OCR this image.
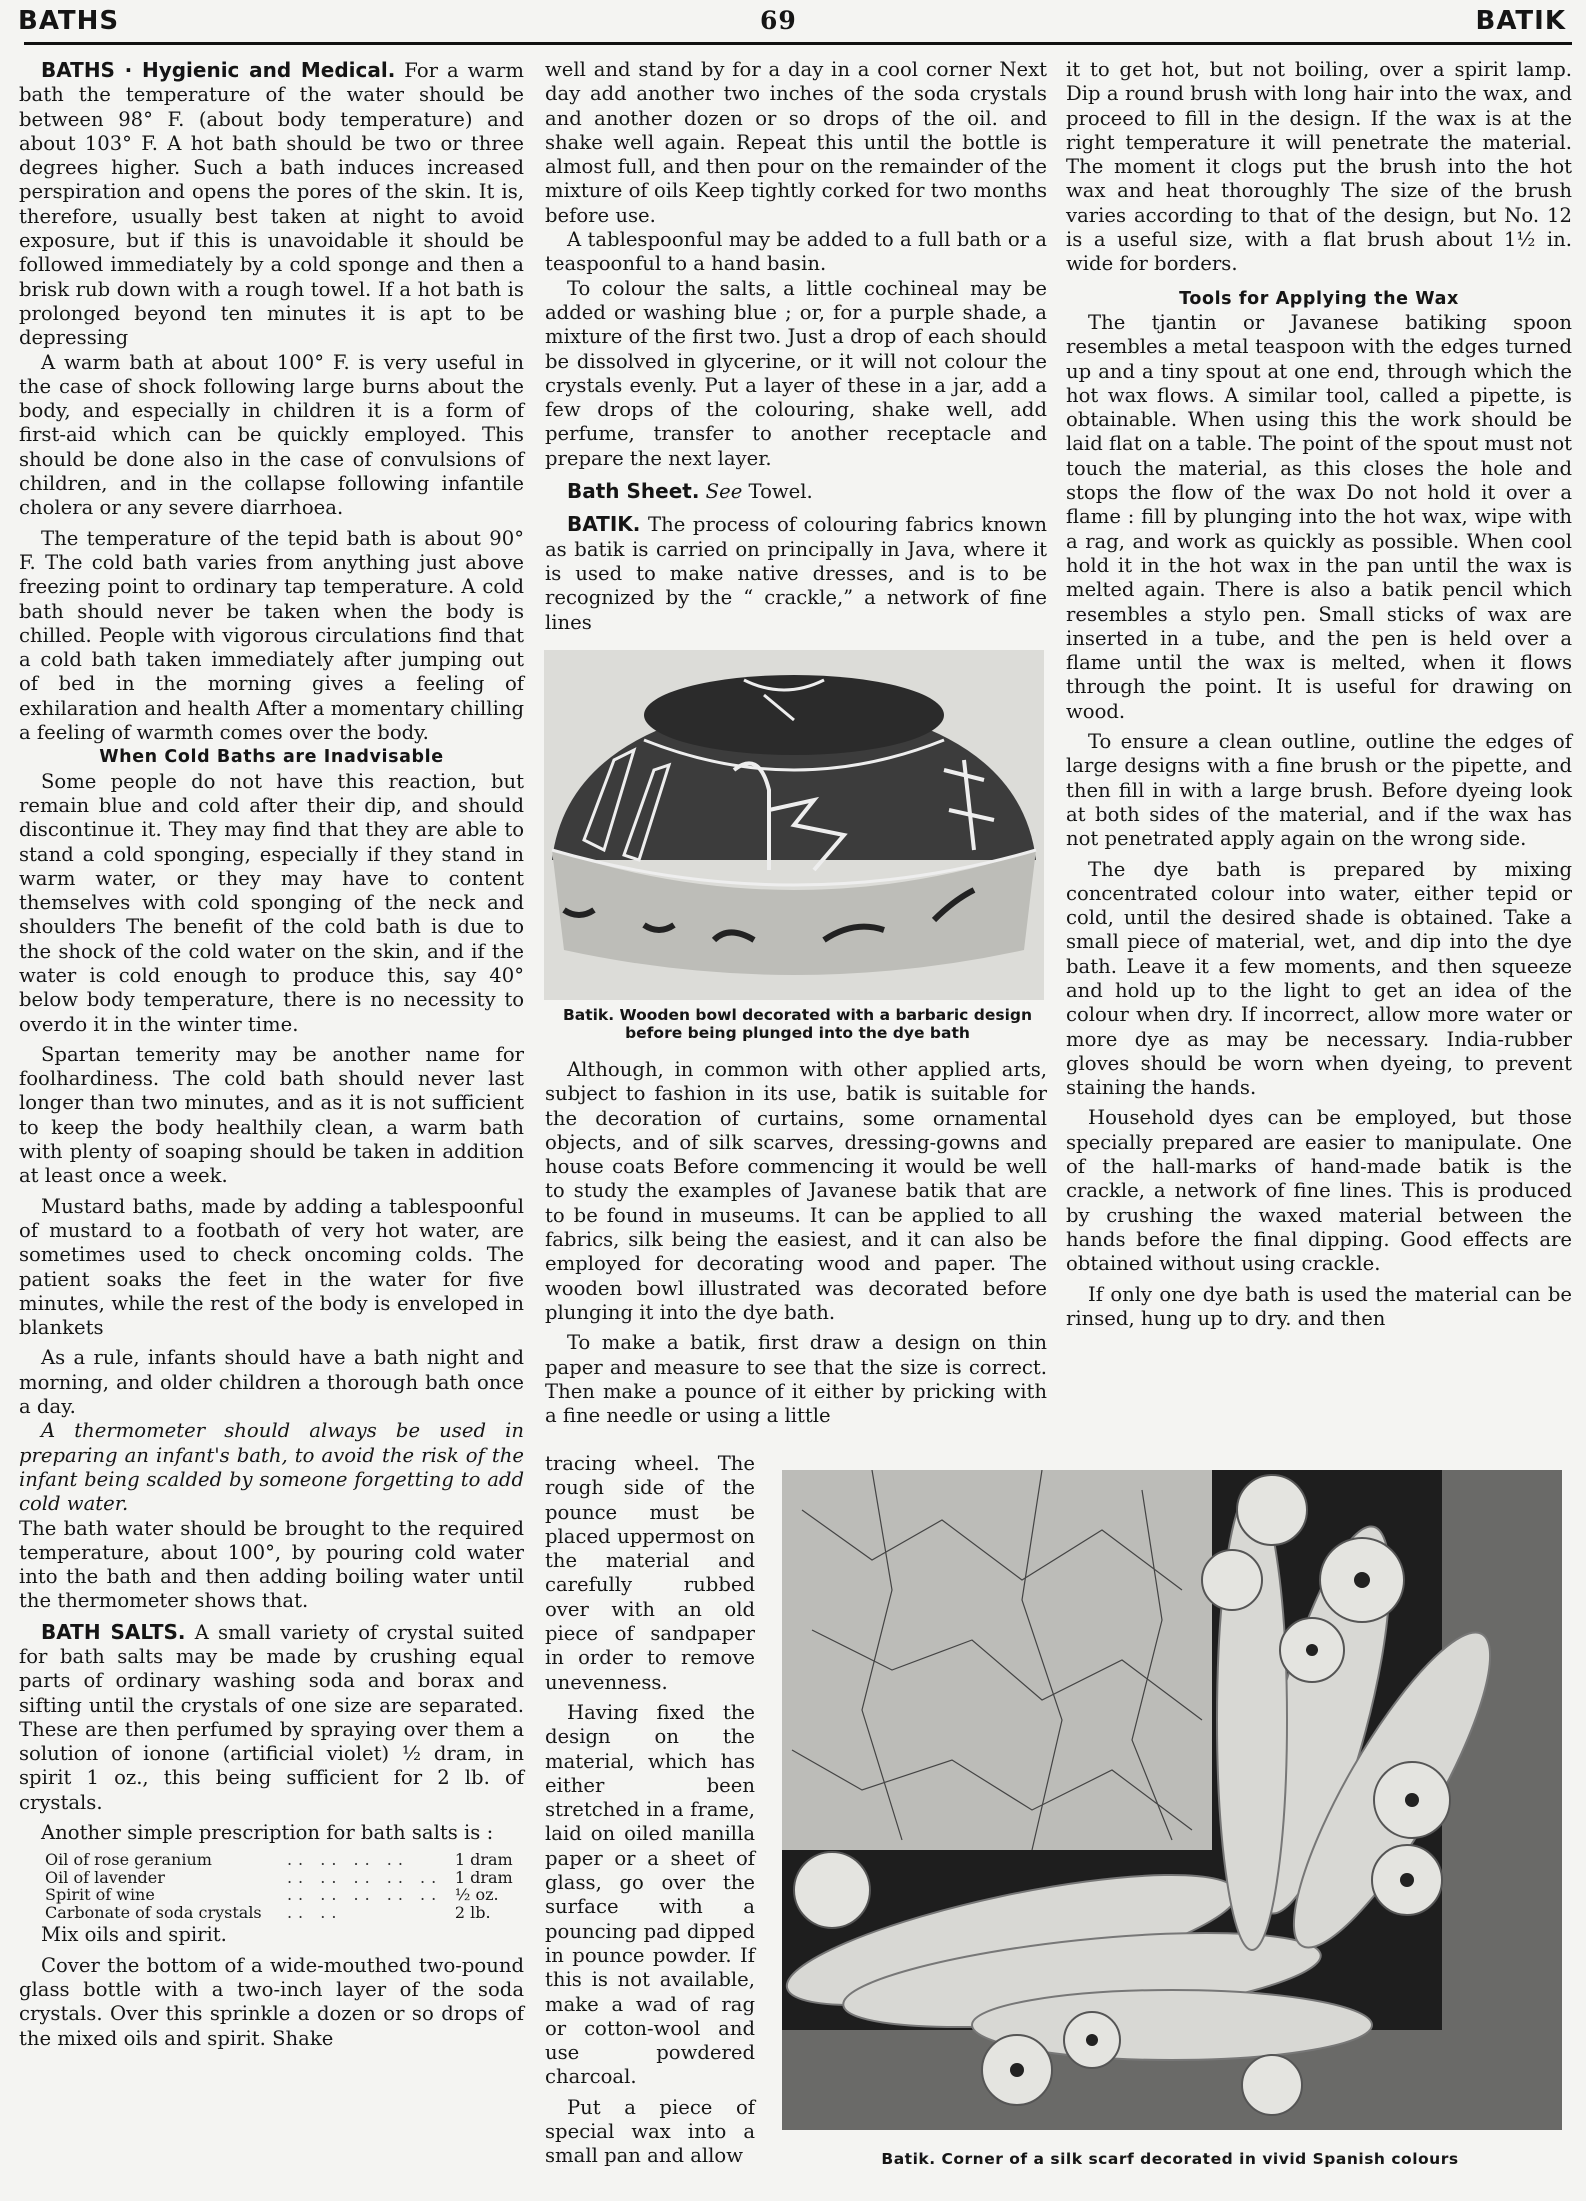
BATHS	69	BATIK

BATHS · Hygienic and Medical. For a warm bath the temperature of the water should be between 98° F. (about body temperature) and about 103° F. A hot bath should be two or three degrees higher. Such a bath induces increased perspiration and opens the pores of the skin. It is, therefore, usually best taken at night to avoid exposure, but if this is unavoidable it should be followed immediately by a cold sponge and then a brisk rub down with a rough towel. If a hot bath is prolonged beyond ten minutes it is apt to be depressing

A warm bath at about 100° F. is very useful in the case of shock following large burns about the body, and especially in children it is a form of first-aid which can be quickly employed. This should be done also in the case of convulsions of children, and in the collapse following infantile cholera or any severe diarrhoea.

The temperature of the tepid bath is about 90° F. The cold bath varies from anything just above freezing point to ordinary tap temperature. A cold bath should never be taken when the body is chilled. People with vigorous circulations find that a cold bath taken immediately after jumping out of bed in the morning gives a feeling of exhilaration and health After a momentary chilling a feeling of warmth comes over the body.

When Cold Baths are Inadvisable

Some people do not have this reaction, but remain blue and cold after their dip, and should discontinue it. They may find that they are able to stand a cold sponging, especially if they stand in warm water, or they may have to content themselves with cold sponging of the neck and shoulders The benefit of the cold bath is due to the shock of the cold water on the skin, and if the water is cold enough to produce this, say 40° below body temperature, there is no necessity to overdo it in the winter time.

Spartan temerity may be another name for foolhardiness. The cold bath should never last longer than two minutes, and as it is not sufficient to keep the body healthily clean, a warm bath with plenty of soaping should be taken in addition at least once a week.

Mustard baths, made by adding a tablespoonful of mustard to a footbath of very hot water, are sometimes used to check oncoming colds. The patient soaks the feet in the water for five minutes, while the rest of the body is enveloped in blankets

As a rule, infants should have a bath night and morning, and older children a thorough bath once a day.

A thermometer should always be used in preparing an infant's bath, to avoid the risk of the infant being scalded by someone forgetting to add cold water.

The bath water should be brought to the required temperature, about 100°, by pouring cold water into the bath and then adding boiling water until the thermometer shows that.

BATH SALTS. A small variety of crystal suited for bath salts may be made by crushing equal parts of ordinary washing soda and borax and sifting until the crystals of one size are separated. These are then perfumed by spraying over them a solution of ionone (artificial violet) ½ dram, in spirit 1 oz., this being sufficient for 2 lb. of crystals.

Another simple prescription for bath salts is :

Oil of rose geranium	.. .. .. ..	1 dram
Oil of lavender	.. .. .. .. .. 1 dram
Spirit of wine	.. .. .. .. .. ½ oz.
Carbonate of soda crystals	.. ..	2 lb.

Mix oils and spirit.

Cover the bottom of a wide-mouthed two-pound glass bottle with a two-inch layer of the soda crystals. Over this sprinkle a dozen or so drops of the mixed oils and spirit. Shake

well and stand by for a day in a cool corner Next day add another two inches of the soda crystals and another dozen or so drops of the oil. and shake well again. Repeat this until the bottle is almost full, and then pour on the remainder of the mixture of oils Keep tightly corked for two months before use.

A tablespoonful may be added to a full bath or a teaspoonful to a hand basin.

To colour the salts, a little cochineal may be added or washing blue ; or, for a purple shade, a mixture of the first two. Just a drop of each should be dissolved in glycerine, or it will not colour the crystals evenly. Put a layer of these in a jar, add a few drops of the colouring, shake well, add perfume, transfer to another receptacle and prepare the next layer.

Bath Sheet. See Towel.

BATIK. The process of colouring fabrics known as batik is carried on principally in Java, where it is used to make native dresses, and is to be recognized by the “ crackle,” a network of fine lines

Batik. Wooden bowl decorated with a barbaric design before being plunged into the dye bath

Although, in common with other applied arts, subject to fashion in its use, batik is suitable for the decoration of curtains, some ornamental objects, and of silk scarves, dressing-gowns and house coats Before commencing it would be well to study the examples of Javanese batik that are to be found in museums. It can be applied to all fabrics, silk being the easiest, and it can also be employed for decorating wood and paper. The wooden bowl illustrated was decorated before plunging it into the dye bath.

To make a batik, first draw a design on thin paper and measure to see that the size is correct. Then make a pounce of it either by pricking with a fine needle or using a little

tracing wheel. The rough side of the pounce must be placed uppermost on the material and carefully rubbed over with an old piece of sandpaper in order to remove unevenness.

Having fixed the design on the material, which has either been stretched in a frame, laid on oiled manilla paper or a sheet of glass, go over the surface with a pouncing pad dipped in pounce powder. If this is not available, make a wad of rag or cotton-wool and use powdered charcoal.

Put a piece of special wax into a small pan and allow

it to get hot, but not boiling, over a spirit lamp. Dip a round brush with long hair into the wax, and proceed to fill in the design. If the wax is at the right temperature it will penetrate the material. The moment it clogs put the brush into the hot wax and heat thoroughly The size of the brush varies according to that of the design, but No. 12 is a useful size, with a flat brush about 1½ in. wide for borders.

Tools for Applying the Wax

The tjantin or Javanese batiking spoon resembles a metal teaspoon with the edges turned up and a tiny spout at one end, through which the hot wax flows. A similar tool, called a pipette, is obtainable. When using this the work should be laid flat on a table. The point of the spout must not touch the material, as this closes the hole and stops the flow of the wax Do not hold it over a flame : fill by plunging into the hot wax, wipe with a rag, and work as quickly as possible. When cool hold it in the hot wax in the pan until the wax is melted again. There is also a batik pencil which resembles a stylo pen. Small sticks of wax are inserted in a tube, and the pen is held over a flame until the wax is melted, when it flows through the point. It is useful for drawing on wood.

To ensure a clean outline, outline the edges of large designs with a fine brush or the pipette, and then fill in with a large brush. Before dyeing look at both sides of the material, and if the wax has not penetrated apply again on the wrong side.

The dye bath is prepared by mixing concentrated colour into water, either tepid or cold, until the desired shade is obtained. Take a small piece of material, wet, and dip into the dye bath. Leave it a few moments, and then squeeze and hold up to the light to get an idea of the colour when dry. If incorrect, allow more water or more dye as may be necessary. India-rubber gloves should be worn when dyeing, to prevent staining the hands.

Household dyes can be employed, but those specially prepared are easier to manipulate. One of the hall-marks of hand-made batik is the crackle, a network of fine lines. This is produced by crushing the waxed material between the hands before the final dipping. Good effects are obtained without using crackle.

If only one dye bath is used the material can be rinsed, hung up to dry. and then

Batik. Corner of a silk scarf decorated in vivid Spanish colours
